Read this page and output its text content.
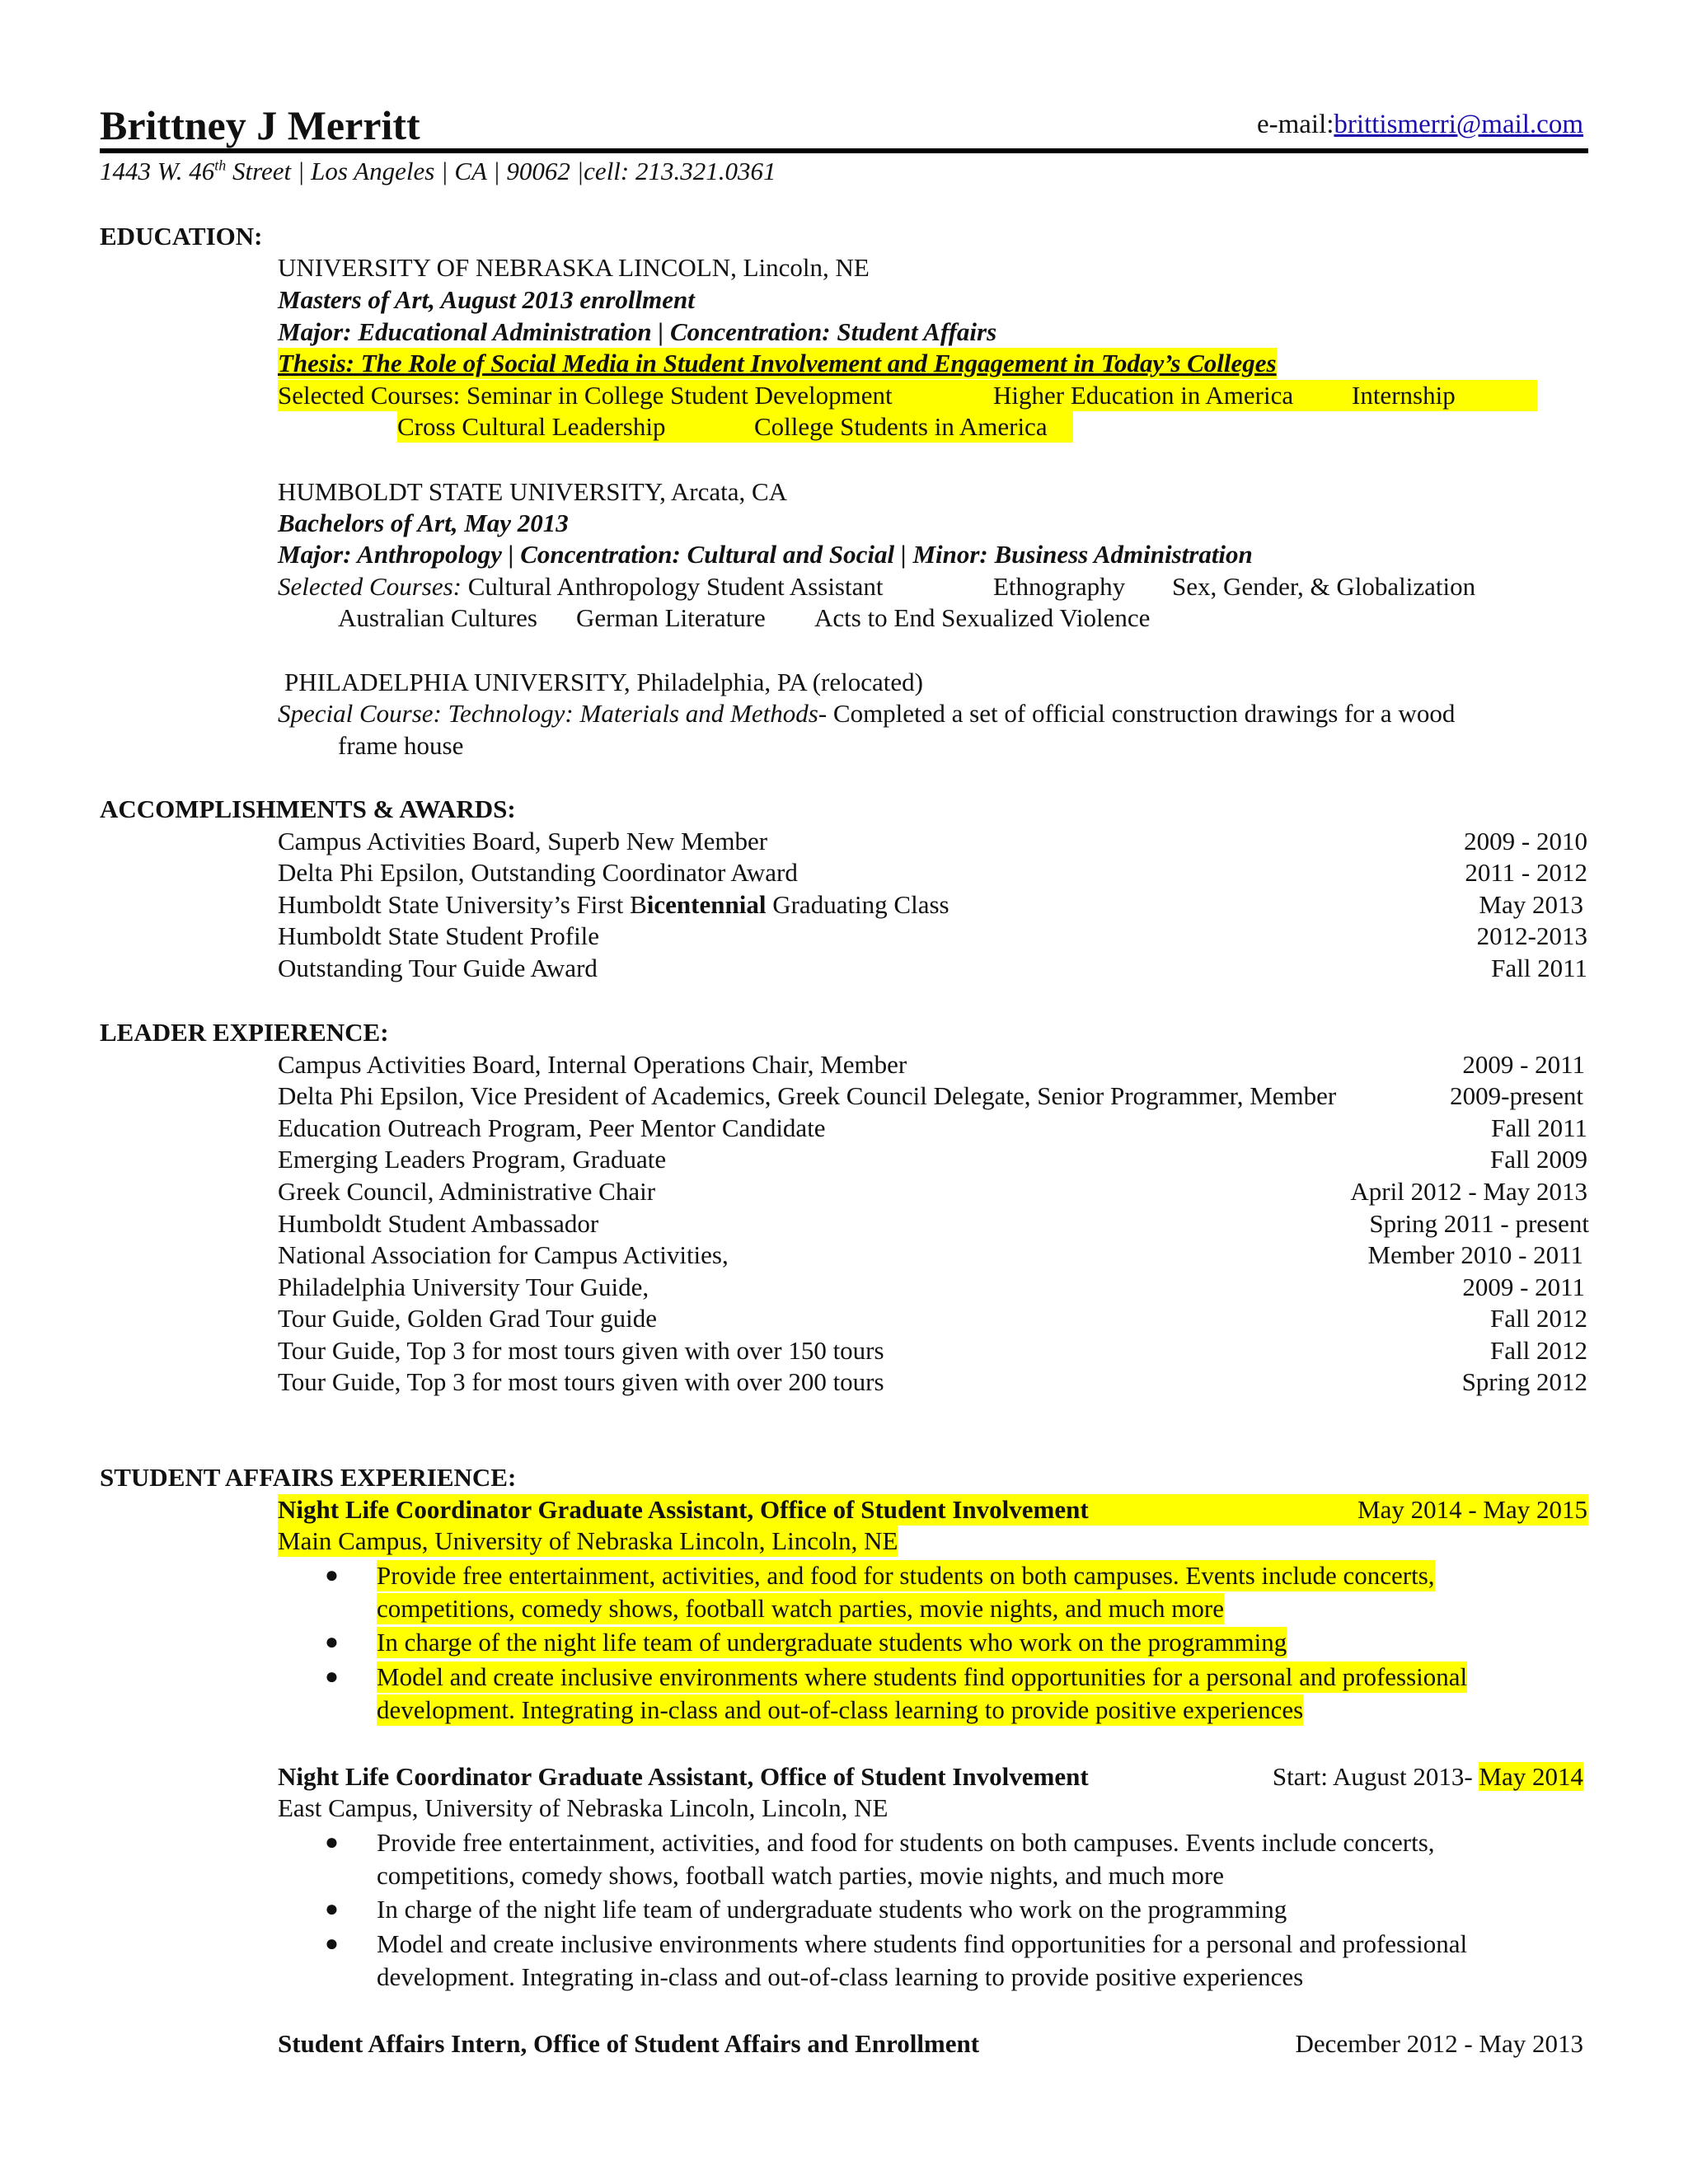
Brittney J Merritt	e-mail:brittismerri@mail.com
1443 W. 46th Street | Los Angeles | CA | 90062 |cell: 213.321.0361
EDUCATION:
UNIVERSITY OF NEBRASKA LINCOLN, Lincoln, NE
Masters of Art, August 2013 enrollment
Major: Educational Administration | Concentration: Student Affairs
Thesis: The Role of Social Media in Student Involvement and Engagement in Today’s Colleges
Selected Courses: Seminar in College Student Development	Higher Education in America Internship
Cross Cultural Leadership	College Students in America
HUMBOLDT STATE UNIVERSITY, Arcata, CA
Bachelors of Art, May 2013
Major: Anthropology | Concentration: Cultural and Social | Minor: Business Administration
Selected Courses: Cultural Anthropology Student Assistant	Ethnography Sex, Gender, & Globalization
Australian Cultures German Literature Acts to End Sexualized Violence
PHILADELPHIA UNIVERSITY, Philadelphia, PA (relocated)
Special Course: Technology: Materials and Methods- Completed a set of official construction drawings for a wood
frame house
ACCOMPLISHMENTS & AWARDS:
Campus Activities Board, Superb New Member	2009 - 2010
Delta Phi Epsilon, Outstanding Coordinator Award	2011 - 2012
Humboldt State University’s First Bicentennial Graduating Class	May 2013
Humboldt State Student Profile	2012-2013
Outstanding Tour Guide Award	Fall 2011
LEADER EXPIERENCE:
Campus Activities Board, Internal Operations Chair, Member	2009 - 2011
Delta Phi Epsilon, Vice President of Academics, Greek Council Delegate, Senior Programmer, Member	2009-present
Education Outreach Program, Peer Mentor Candidate	Fall 2011
Emerging Leaders Program, Graduate	Fall 2009
Greek Council, Administrative Chair	April 2012 - May 2013
Humboldt Student Ambassador	Spring 2011 - present
National Association for Campus Activities,	Member 2010 - 2011
Philadelphia University Tour Guide,	2009 - 2011
Tour Guide, Golden Grad Tour guide	Fall 2012
Tour Guide, Top 3 for most tours given with over 150 tours	Fall 2012
Tour Guide, Top 3 for most tours given with over 200 tours	Spring 2012
STUDENT AFFAIRS EXPERIENCE:
Night Life Coordinator Graduate Assistant, Office of Student Involvement	May 2014 - May 2015
Main Campus, University of Nebraska Lincoln, Lincoln, NE
● Provide free entertainment, activities, and food for students on both campuses. Events include concerts,
competitions, comedy shows, football watch parties, movie nights, and much more
● In charge of the night life team of undergraduate students who work on the programming
● Model and create inclusive environments where students find opportunities for a personal and professional
development. Integrating in-class and out-of-class learning to provide positive experiences
Night Life Coordinator Graduate Assistant, Office of Student Involvement	Start: August 2013- May 2014
East Campus, University of Nebraska Lincoln, Lincoln, NE
● Provide free entertainment, activities, and food for students on both campuses. Events include concerts,
competitions, comedy shows, football watch parties, movie nights, and much more
● In charge of the night life team of undergraduate students who work on the programming
● Model and create inclusive environments where students find opportunities for a personal and professional
development. Integrating in-class and out-of-class learning to provide positive experiences
Student Affairs Intern, Office of Student Affairs and Enrollment	December 2012 - May 2013
